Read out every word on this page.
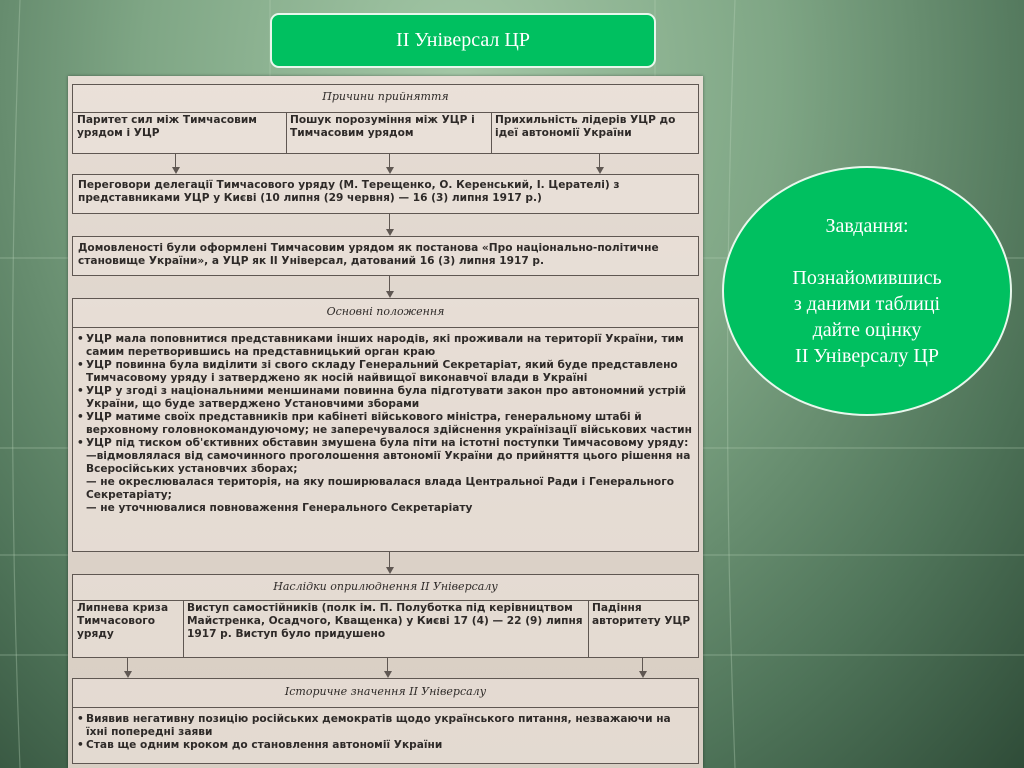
ІІ Універсал ЦР
Завдання:
Познайомившись
з даними таблиці
дайте оцінку
ІІ Універсалу ЦР
Причини прийняття
Паритет сил між Тимчасовим урядом і УЦР
Пошук порозуміння між УЦР і Тимчасовим урядом
Прихильність лідерів УЦР до ідеї автономії України
Переговори делегації Тимчасового уряду (М. Терещенко, О. Керенський, І. Церателі) з представниками УЦР у Києві (10 липня (29 червня) — 16 (3) липня 1917 р.)
Домовленості були оформлені Тимчасовим урядом як постанова «Про національно-політичне становище України», а УЦР як ІІ Універсал, датований 16 (3) липня 1917 р.
Основні положення
• УЦР мала поповнитися представниками інших народів, які проживали на території України, тим самим перетворившись на представницький орган краю
• УЦР повинна була виділити зі свого складу Генеральний Секретаріат, який буде представлено Тимчасовому уряду і затверджено як носій найвищої виконавчої влади в Україні
• УЦР у згоді з національними меншинами повинна була підготувати закон про автономний устрій України, що буде затверджено Установчими зборами
• УЦР матиме своїх представників при кабінеті військового міністра, генеральному штабі й верховному головнокомандуючому; не заперечувалося здійснення українізації військових частин
• УЦР під тиском об'єктивних обставин змушена була піти на істотні поступки Тимчасовому уряду:
—відмовлялася від самочинного проголошення автономії України до прийняття цього рішення на Всеросійських установчих зборах;
— не окреслювалася територія, на яку поширювалася влада Центральної Ради і Генерального Секретаріату;
— не уточнювалися повноваження Генерального Секретаріату
Наслідки оприлюднення ІІ Універсалу
Липнева криза Тимчасового уряду
Виступ самостійників (полк ім. П. Полуботка під керівництвом Майстренка, Осадчого, Кващенка) у Києві 17 (4) — 22 (9) липня 1917 р. Виступ було придушено
Падіння авторитету УЦР
Історичне значення ІІ Універсалу
• Виявив негативну позицію російських демократів щодо українського питання, незважаючи на їхні попередні заяви
• Став ще одним кроком до становлення автономії України
